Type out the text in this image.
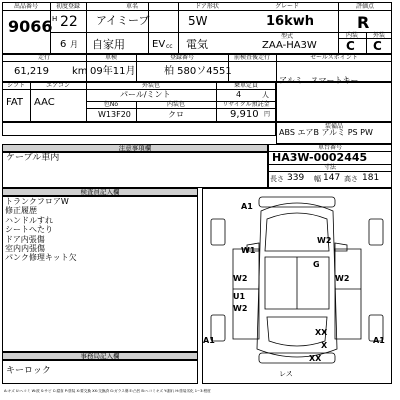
出品番号
9066
初度登録
H 22
6 月
車名
アイミーブ
自家用
ドア形状
5W
EV cc 電気
グレード
16kwh
型式
ZAA-HA3W
評価点
R
内装	外装
C C
走行
61,219 km
車検
09年11月
登録番号
柏 580ソ4551
前検査後走行	セールスポイント
アルミ　スマートキー
シフト
FAT
エアコン
AAC
外装色
パール/ミント
乗車定員
4	人
色No
W13F20
内装色
クロ
リサイクル預託金
9,910 円
装備品
ABS エアB アルミ PS PW
注意事項欄
ケーブル車内
車台番号
HA3W-0002445
寸法
長さ 339 幅 147 高さ 181
検査員記入欄
トランクフロアW
修正履歴
ハンドルすれ
シートへたり
ドア内張傷
室内内張傷
パンク修理キット欠
A1
W2
W1
G
W2	W2
U1
W2
XX
X
XX
A1	A1
レス
事務局記入欄
キーロック
A:キズ U:ヘコミ W:波 S:サビ C:腐食 P:塗装 X:要交換 XX:交換済 G:ガラス傷 E:凸凹 B:ヘコミキズ Y:割れ H:塗装劣化 1~3:程度
